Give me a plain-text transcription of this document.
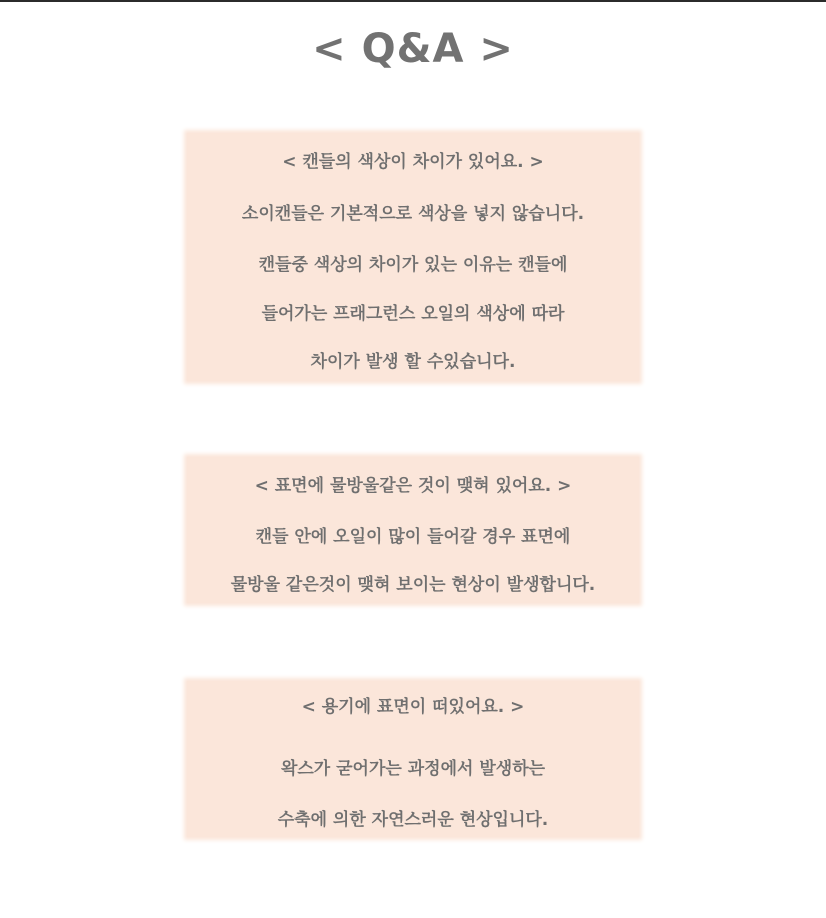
< Q&A >
< 캔들의 색상이 차이가 있어요. >
소이캔들은 기본적으로 색상을 넣지 않습니다.
캔들중 색상의 차이가 있는 이유는 캔들에
들어가는 프래그런스 오일의 색상에 따라
차이가 발생 할 수있습니다.
< 표면에 물방울같은 것이 맺혀 있어요. >
캔들 안에 오일이 많이 들어갈 경우 표면에
물방울 같은것이 맺혀 보이는 현상이 발생합니다.
< 용기에 표면이 떠있어요. >
왁스가 굳어가는 과정에서 발생하는
수축에 의한 자연스러운 현상입니다.
